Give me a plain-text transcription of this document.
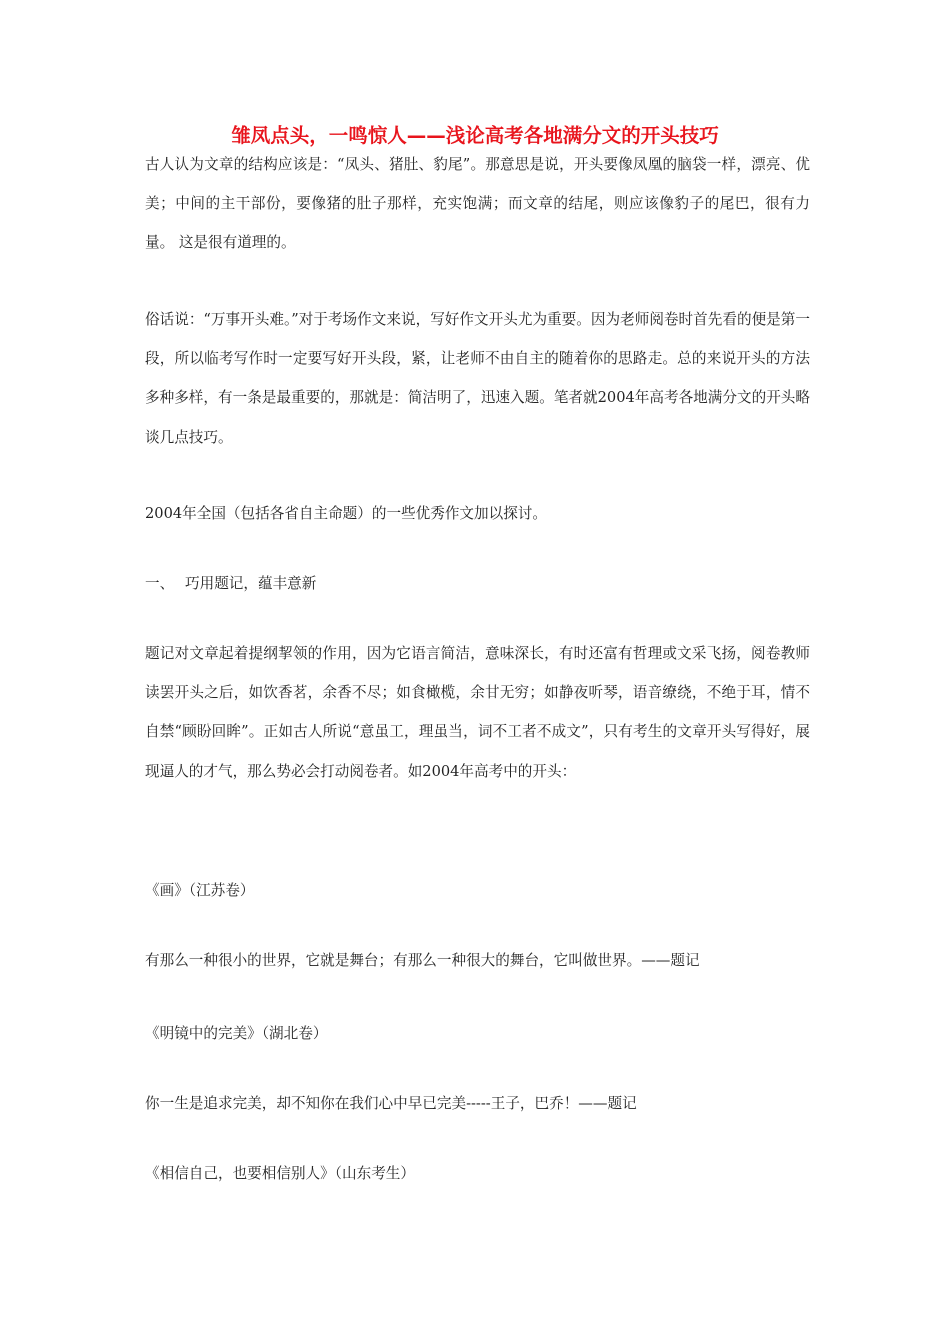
雏凤点头，一鸣惊人——浅论高考各地满分文的开头技巧

古人认为文章的结构应该是：“凤头、猪肚、豹尾”。那意思是说，开头要像凤凰的脑袋一样，漂亮、优美；中间的主干部份，要像猪的肚子那样，充实饱满；而文章的结尾，则应该像豹子的尾巴，很有力量。 这是很有道理的。

俗话说：“万事开头难。”对于考场作文来说，写好作文开头尤为重要。因为老师阅卷时首先看的便是第一段，所以临考写作时一定要写好开头段，紧，让老师不由自主的随着你的思路走。总的来说开头的方法多种多样，有一条是最重要的，那就是：简洁明了，迅速入题。笔者就2004年高考各地满分文的开头略谈几点技巧。

2004年全国（包括各省自主命题）的一些优秀作文加以探讨。

一、 巧用题记，蕴丰意新

题记对文章起着提纲挈领的作用，因为它语言简洁，意味深长，有时还富有哲理或文采飞扬，阅卷教师读罢开头之后，如饮香茗，余香不尽；如食橄榄，余甘无穷；如静夜听琴，语音缭绕，不绝于耳，情不自禁“顾盼回眸”。正如古人所说“意虽工，理虽当，词不工者不成文”，只有考生的文章开头写得好，展现逼人的才气，那么势必会打动阅卷者。如2004年高考中的开头：

《画》（江苏卷）

有那么一种很小的世界，它就是舞台；有那么一种很大的舞台，它叫做世界。——题记

《明镜中的完美》（湖北卷）

你一生是追求完美，却不知你在我们心中早已完美-----王子，巴乔！——题记

《相信自己，也要相信别人》（山东考生）
